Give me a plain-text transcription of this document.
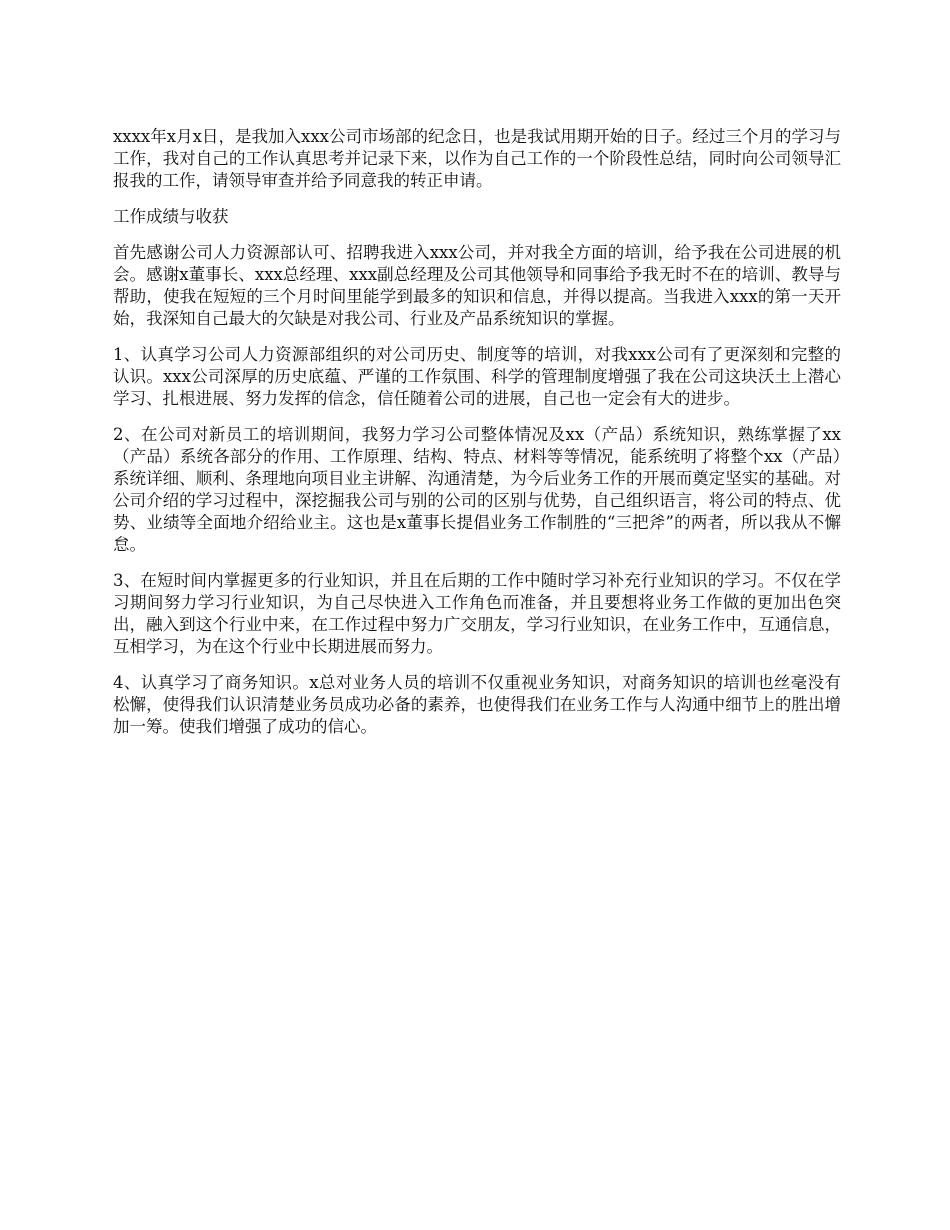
xxxx年x月x日，是我加入xxx公司市场部的纪念日，也是我试用期开始的日子。经过三个月的学习与工作，我对自己的工作认真思考并记录下来，以作为自己工作的一个阶段性总结，同时向公司领导汇报我的工作，请领导审查并给予同意我的转正申请。

工作成绩与收获

首先感谢公司人力资源部认可、招聘我进入xxx公司，并对我全方面的培训，给予我在公司进展的机会。感谢x董事长、xxx总经理、xxx副总经理及公司其他领导和同事给予我无时不在的培训、教导与帮助，使我在短短的三个月时间里能学到最多的知识和信息，并得以提高。当我进入xxx的第一天开始，我深知自己最大的欠缺是对我公司、行业及产品系统知识的掌握。

1、认真学习公司人力资源部组织的对公司历史、制度等的培训，对我xxx公司有了更深刻和完整的认识。xxx公司深厚的历史底蕴、严谨的工作氛围、科学的管理制度增强了我在公司这块沃土上潜心学习、扎根进展、努力发挥的信念，信任随着公司的进展，自己也一定会有大的进步。

2、在公司对新员工的培训期间，我努力学习公司整体情况及xx（产品）系统知识，熟练掌握了xx（产品）系统各部分的作用、工作原理、结构、特点、材料等等情况，能系统明了将整个xx（产品）系统详细、顺利、条理地向项目业主讲解、沟通清楚，为今后业务工作的开展而奠定坚实的基础。对公司介绍的学习过程中，深挖掘我公司与别的公司的区别与优势，自己组织语言，将公司的特点、优势、业绩等全面地介绍给业主。这也是x董事长提倡业务工作制胜的“三把斧”的两者，所以我从不懈怠。

3、在短时间内掌握更多的行业知识，并且在后期的工作中随时学习补充行业知识的学习。不仅在学习期间努力学习行业知识，为自己尽快进入工作角色而准备，并且要想将业务工作做的更加出色突出，融入到这个行业中来，在工作过程中努力广交朋友，学习行业知识，在业务工作中，互通信息，互相学习，为在这个行业中长期进展而努力。

4、认真学习了商务知识。x总对业务人员的培训不仅重视业务知识，对商务知识的培训也丝毫没有松懈，使得我们认识清楚业务员成功必备的素养，也使得我们在业务工作与人沟通中细节上的胜出增加一筹。使我们增强了成功的信心。
